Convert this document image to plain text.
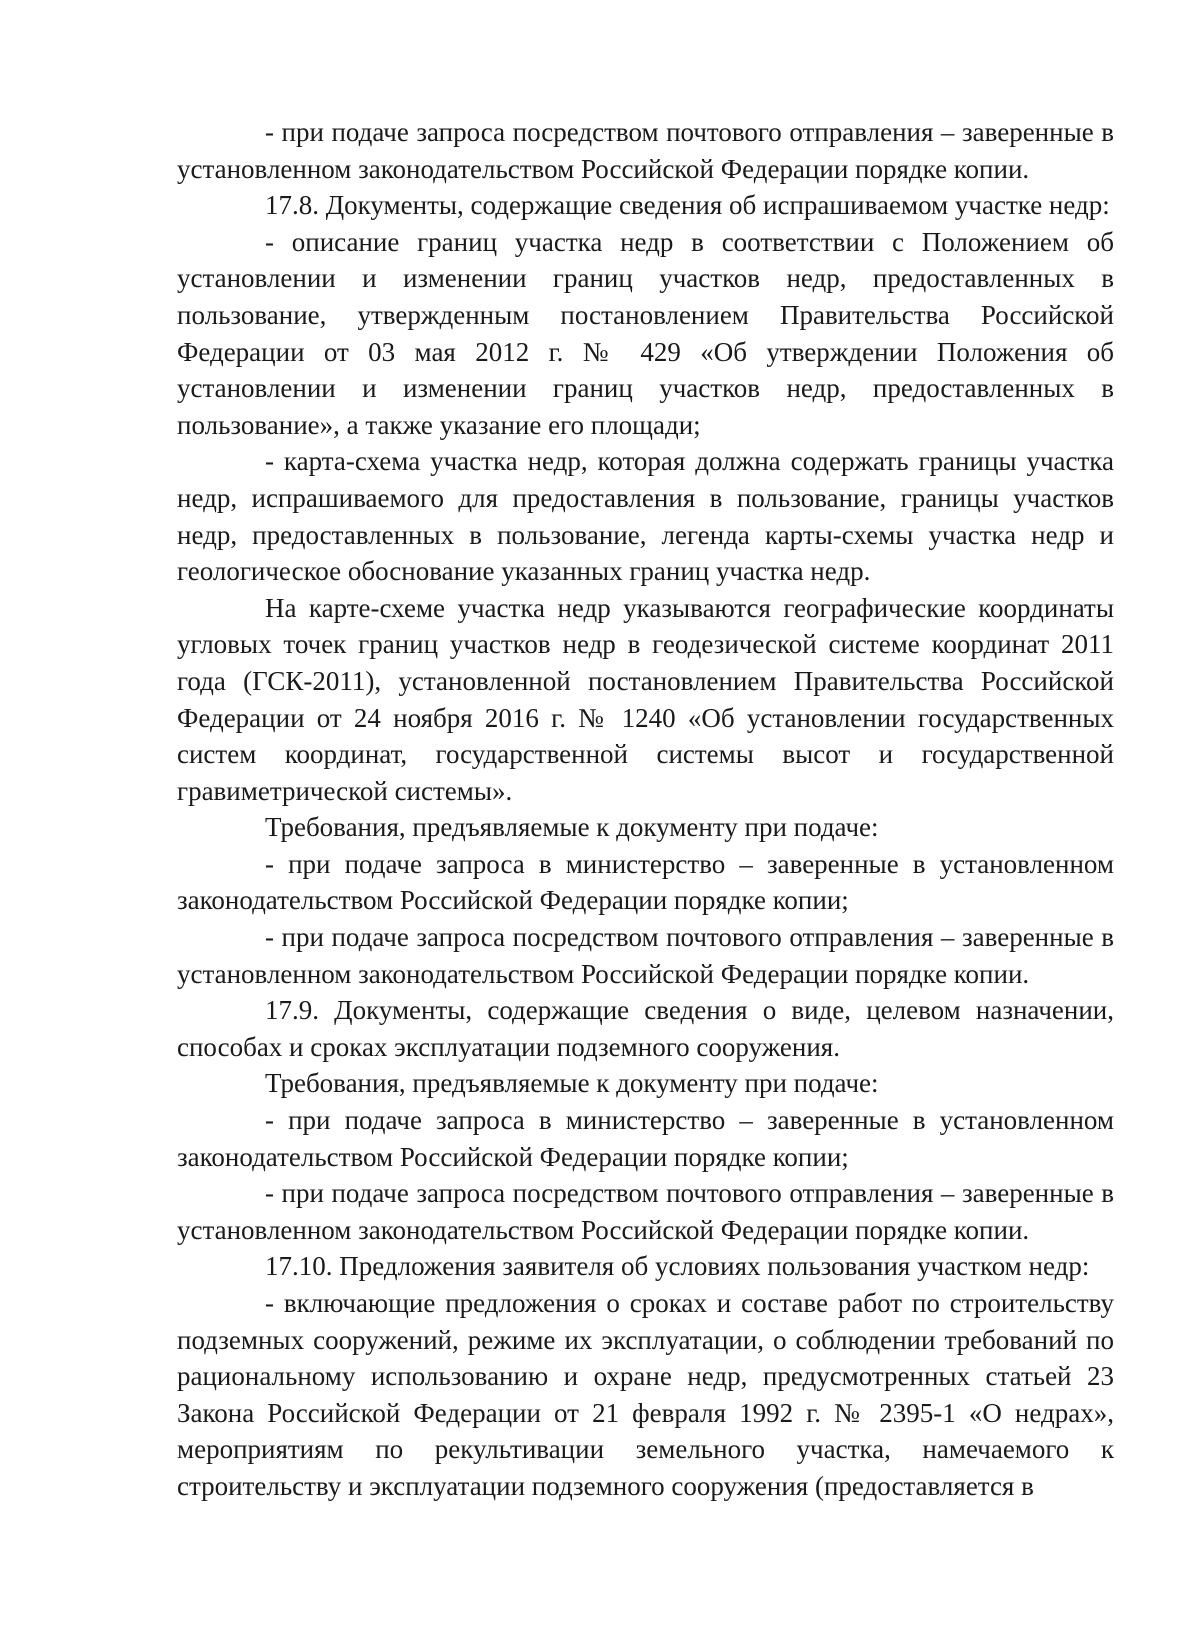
- при подаче запроса посредством почтового отправления – заверенные в установленном законодательством Российской Федерации порядке копии.

17.8. Документы, содержащие сведения об испрашиваемом участке недр:

- описание границ участка недр в соответствии с Положением об установлении и изменении границ участков недр, предоставленных в пользование, утвержденным постановлением Правительства Российской Федерации от 03 мая 2012 г. № 429 «Об утверждении Положения об установлении и изменении границ участков недр, предоставленных в пользование», а также указание его площади;

- карта-схема участка недр, которая должна содержать границы участка недр, испрашиваемого для предоставления в пользование, границы участков недр, предоставленных в пользование, легенда карты-схемы участка недр и геологическое обоснование указанных границ участка недр.

На карте-схеме участка недр указываются географические координаты угловых точек границ участков недр в геодезической системе координат 2011 года (ГСК-2011), установленной постановлением Правительства Российской Федерации от 24 ноября 2016 г. № 1240 «Об установлении государственных систем координат, государственной системы высот и государственной гравиметрической системы».

Требования, предъявляемые к документу при подаче:

- при подаче запроса в министерство – заверенные в установленном законодательством Российской Федерации порядке копии;

- при подаче запроса посредством почтового отправления – заверенные в установленном законодательством Российской Федерации порядке копии.

17.9. Документы, содержащие сведения о виде, целевом назначении, способах и сроках эксплуатации подземного сооружения.

Требования, предъявляемые к документу при подаче:

- при подаче запроса в министерство – заверенные в установленном законодательством Российской Федерации порядке копии;

- при подаче запроса посредством почтового отправления – заверенные в установленном законодательством Российской Федерации порядке копии.

17.10. Предложения заявителя об условиях пользования участком недр:

- включающие предложения о сроках и составе работ по строительству подземных сооружений, режиме их эксплуатации, о соблюдении требований по рациональному использованию и охране недр, предусмотренных статьей 23 Закона Российской Федерации от 21 февраля 1992 г. № 2395-1 «О недрах», мероприятиям по рекультивации земельного участка, намечаемого к строительству и эксплуатации подземного сооружения (предоставляется в
